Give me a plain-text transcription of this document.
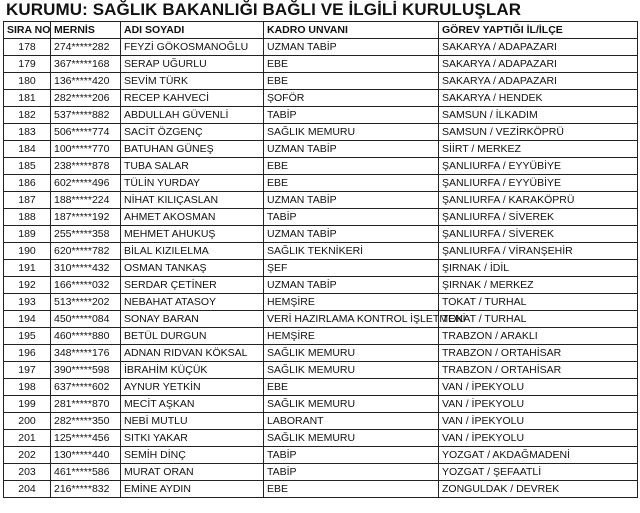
KURUMU: SAĞLIK BAKANLIĞI BAĞLI VE İLGİLİ KURULUŞLAR
SIRA NO	MERNİS	ADI SOYADI	KADRO UNVANI	GÖREV YAPTIĞI İL/İLÇE
178	274*****282	FEYZİ GÖKOSMANOĞLU	UZMAN TABİP	SAKARYA / ADAPAZARI
179	367*****168	SERAP UĞURLU	EBE	SAKARYA / ADAPAZARI
180	136*****420	SEVİM TÜRK	EBE	SAKARYA / ADAPAZARI
181	282*****206	RECEP KAHVECİ	ŞOFÖR	SAKARYA / HENDEK
182	537*****882	ABDULLAH GÜVENLİ	TABİP	SAMSUN / İLKADIM
183	506*****774	SACİT ÖZGENÇ	SAĞLIK MEMURU	SAMSUN / VEZİRKÖPRÜ
184	100*****770	BATUHAN GÜNEŞ	UZMAN TABİP	SİİRT / MERKEZ
185	238*****878	TUBA SALAR	EBE	ŞANLIURFA / EYYÜBİYE
186	602*****496	TÜLİN YURDAY	EBE	ŞANLIURFA / EYYÜBİYE
187	188*****224	NİHAT KILIÇASLAN	UZMAN TABİP	ŞANLIURFA / KARAKÖPRÜ
188	187*****192	AHMET AKOSMAN	TABİP	ŞANLIURFA / SİVEREK
189	255*****358	MEHMET AHUKUŞ	UZMAN TABİP	ŞANLIURFA / SİVEREK
190	620*****782	BİLAL KIZILELMA	SAĞLIK TEKNİKERİ	ŞANLIURFA / VİRANŞEHİR
191	310*****432	OSMAN TANKAŞ	ŞEF	ŞIRNAK / İDİL
192	166*****032	SERDAR ÇETİNER	UZMAN TABİP	ŞIRNAK / MERKEZ
193	513*****202	NEBAHAT ATASOY	HEMŞİRE	TOKAT / TURHAL
194	450*****084	SONAY BARAN	VERİ HAZIRLAMA KONTROL İŞLETMENİ	TOKAT / TURHAL
195	460*****880	BETÜL DURGUN	HEMŞİRE	TRABZON / ARAKLI
196	348*****176	ADNAN RIDVAN KÖKSAL	SAĞLIK MEMURU	TRABZON / ORTAHİSAR
197	390*****598	İBRAHİM KÜÇÜK	SAĞLIK MEMURU	TRABZON / ORTAHİSAR
198	637*****602	AYNUR YETKİN	EBE	VAN / İPEKYOLU
199	281*****870	MECİT AŞKAN	SAĞLIK MEMURU	VAN / İPEKYOLU
200	282*****350	NEBİ MUTLU	LABORANT	VAN / İPEKYOLU
201	125*****456	SITKI YAKAR	SAĞLIK MEMURU	VAN / İPEKYOLU
202	130*****440	SEMİH DİNÇ	TABİP	YOZGAT / AKDAĞMADENİ
203	461*****586	MURAT ORAN	TABİP	YOZGAT / ŞEFAATLİ
204	216*****832	EMİNE AYDIN	EBE	ZONGULDAK / DEVREK
